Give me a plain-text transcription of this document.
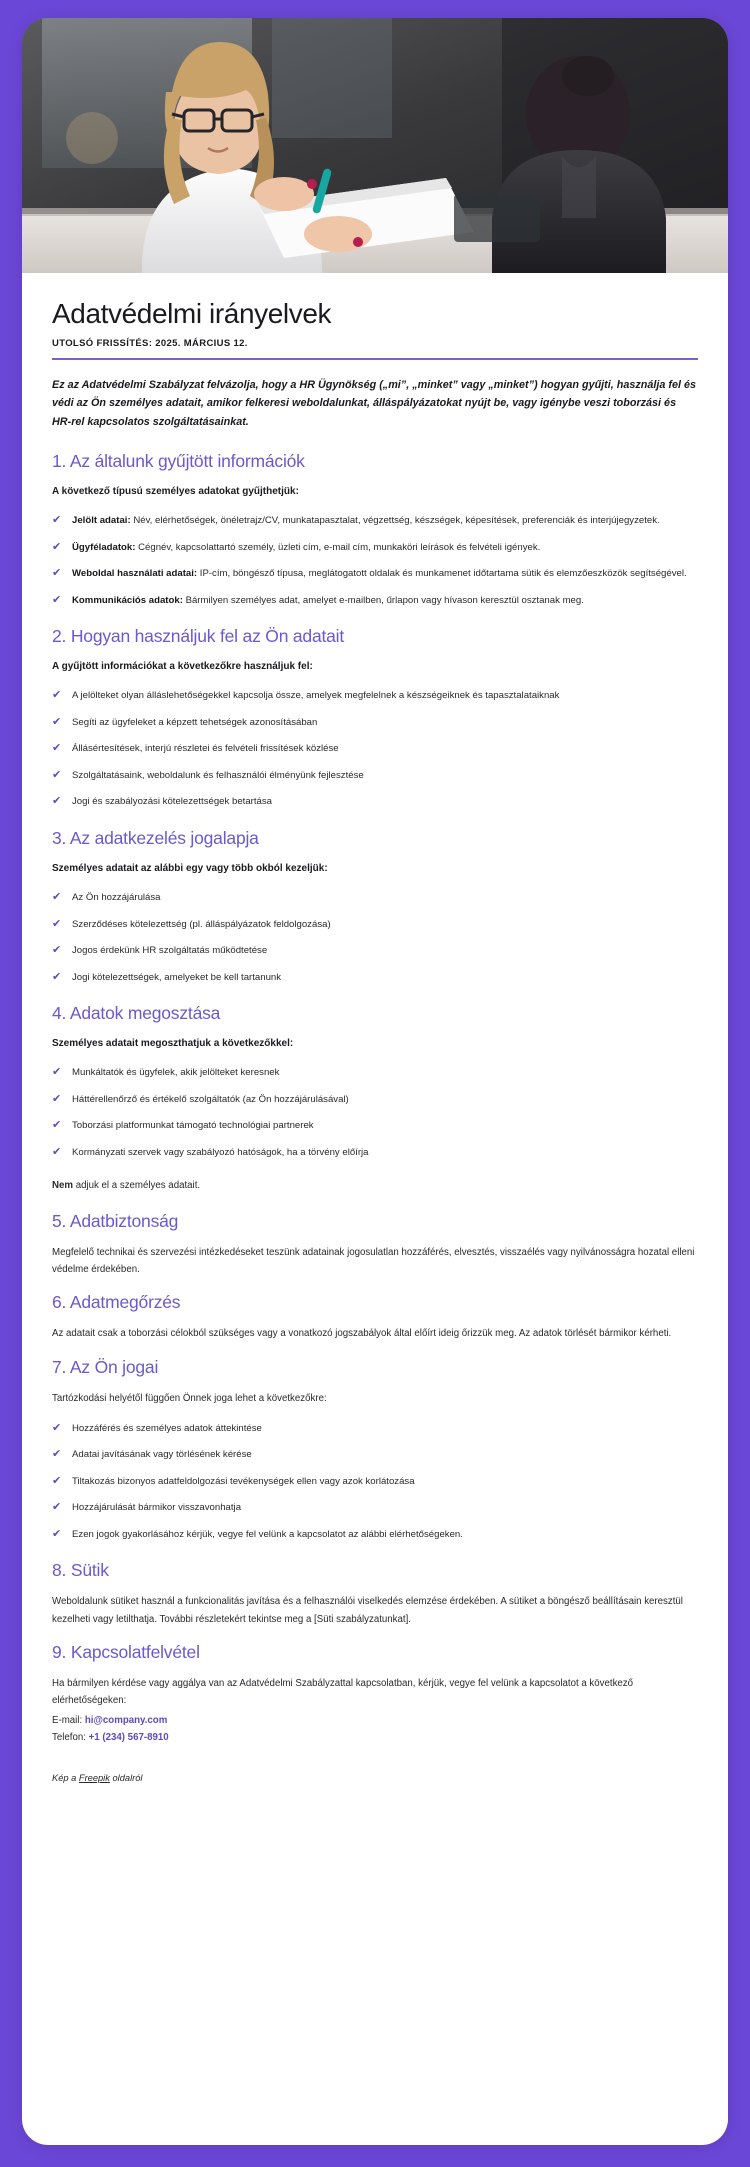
Adatvédelmi irányelvek
UTOLSÓ FRISSÍTÉS: 2025. MÁRCIUS 12.

Ez az Adatvédelmi Szabályzat felvázolja, hogy a HR Ügynökség („mi”, „minket” vagy „minket”) hogyan gyűjti, használja fel és védi az Ön személyes adatait, amikor felkeresi weboldalunkat, álláspályázatokat nyújt be, vagy igénybe veszi toborzási és HR-rel kapcsolatos szolgáltatásainkat.

1. Az általunk gyűjtött információk

A következő típusú személyes adatokat gyűjthetjük:

✔ Jelölt adatai: Név, elérhetőségek, önéletrajz/CV, munkatapasztalat, végzettség, készségek, képesítések, preferenciák és interjújegyzetek.
✔ Ügyféladatok: Cégnév, kapcsolattartó személy, üzleti cím, e-mail cím, munkaköri leírások és felvételi igények.
✔ Weboldal használati adatai: IP-cím, böngésző típusa, meglátogatott oldalak és munkamenet időtartama sütik és elemzőeszközök segítségével.
✔ Kommunikációs adatok: Bármilyen személyes adat, amelyet e-mailben, űrlapon vagy hívason keresztül osztanak meg.
2. Hogyan használjuk fel az Ön adatait

A gyűjtött információkat a következőkre használjuk fel:

✔ A jelölteket olyan álláslehetőségekkel kapcsolja össze, amelyek megfelelnek a készségeiknek és tapasztalataiknak
✔ Segíti az ügyfeleket a képzett tehetségek azonosításában
✔ Állásértesítések, interjú részletei és felvételi frissítések közlése
✔ Szolgáltatásaink, weboldalunk és felhasználói élményünk fejlesztése
✔ Jogi és szabályozási kötelezettségek betartása
3. Az adatkezelés jogalapja

Személyes adatait az alábbi egy vagy több okból kezeljük:

✔ Az Ön hozzájárulása
✔ Szerződéses kötelezettség (pl. álláspályázatok feldolgozása)
✔ Jogos érdekünk HR szolgáltatás működtetése
✔ Jogi kötelezettségek, amelyeket be kell tartanunk
4. Adatok megosztása

Személyes adatait megoszthatjuk a következőkkel:

✔ Munkáltatók és ügyfelek, akik jelölteket keresnek
✔ Háttérellenőrző és értékelő szolgáltatók (az Ön hozzájárulásával)
✔ Toborzási platformunkat támogató technológiai partnerek
✔ Kormányzati szervek vagy szabályozó hatóságok, ha a törvény előírja

Nem adjuk el a személyes adatait.

5. Adatbiztonság

Megfelelő technikai és szervezési intézkedéseket teszünk adatainak jogosulatlan hozzáférés, elvesztés, visszaélés vagy nyilvánosságra hozatal elleni védelme érdekében.

6. Adatmegőrzés

Az adatait csak a toborzási célokból szükséges vagy a vonatkozó jogszabályok által előírt ideig őrizzük meg. Az adatok törlését bármikor kérheti.

7. Az Ön jogai

Tartózkodási helyétől függően Önnek joga lehet a következőkre:

✔ Hozzáférés és személyes adatok áttekintése
✔ Adatai javításának vagy törlésének kérése
✔ Tiltakozás bizonyos adatfeldolgozási tevékenységek ellen vagy azok korlátozása
✔ Hozzájárulását bármikor visszavonhatja
✔ Ezen jogok gyakorlásához kérjük, vegye fel velünk a kapcsolatot az alábbi elérhetőségeken.
8. Sütik

Weboldalunk sütiket használ a funkcionalitás javítása és a felhasználói viselkedés elemzése érdekében. A sütiket a böngésző beállításain keresztül kezelheti vagy letilthatja. További részletekért tekintse meg a [Süti szabályzatunkat].

9. Kapcsolatfelvétel

Ha bármilyen kérdése vagy aggálya van az Adatvédelmi Szabályzattal kapcsolatban, kérjük, vegye fel velünk a kapcsolatot a következő elérhetőségeken:

E-mail: hi@company.com
Telefon: +1 (234) 567-8910
Kép a Freepik oldalról
